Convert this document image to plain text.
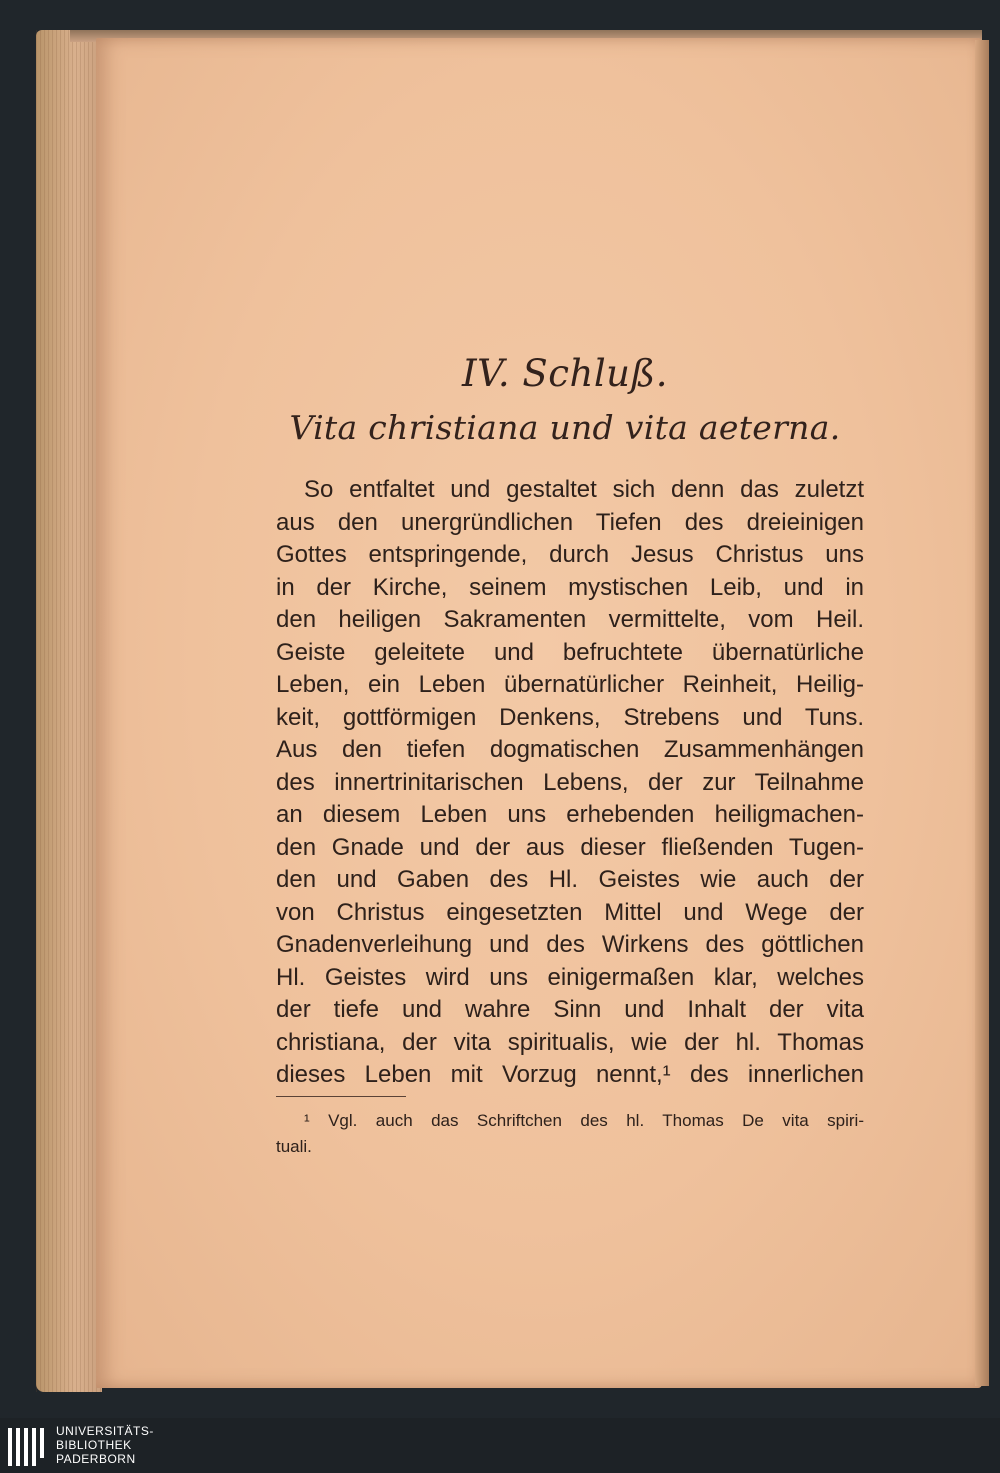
IV. Schluß.
Vita christiana und vita aeterna.
So entfaltet und gestaltet sich denn das zuletzt
aus den unergründlichen Tiefen des dreieinigen
Gottes entspringende, durch Jesus Christus uns
in der Kirche, seinem mystischen Leib, und in
den heiligen Sakramenten vermittelte, vom Heil.
Geiste geleitete und befruchtete übernatürliche
Leben, ein Leben übernatürlicher Reinheit, Heilig-
keit, gottförmigen Denkens, Strebens und Tuns.
Aus den tiefen dogmatischen Zusammenhängen
des innertrinitarischen Lebens, der zur Teilnahme
an diesem Leben uns erhebenden heiligmachen-
den Gnade und der aus dieser fließenden Tugen-
den und Gaben des Hl. Geistes wie auch der
von Christus eingesetzten Mittel und Wege der
Gnadenverleihung und des Wirkens des göttlichen
Hl. Geistes wird uns einigermaßen klar, welches
der tiefe und wahre Sinn und Inhalt der vita
christiana, der vita spiritualis, wie der hl. Thomas
dieses Leben mit Vorzug nennt,¹ des innerlichen
¹ Vgl. auch das Schriftchen des hl. Thomas De vita spiri-
tuali.
UNIVERSITÄTS-
BIBLIOTHEK
PADERBORN
